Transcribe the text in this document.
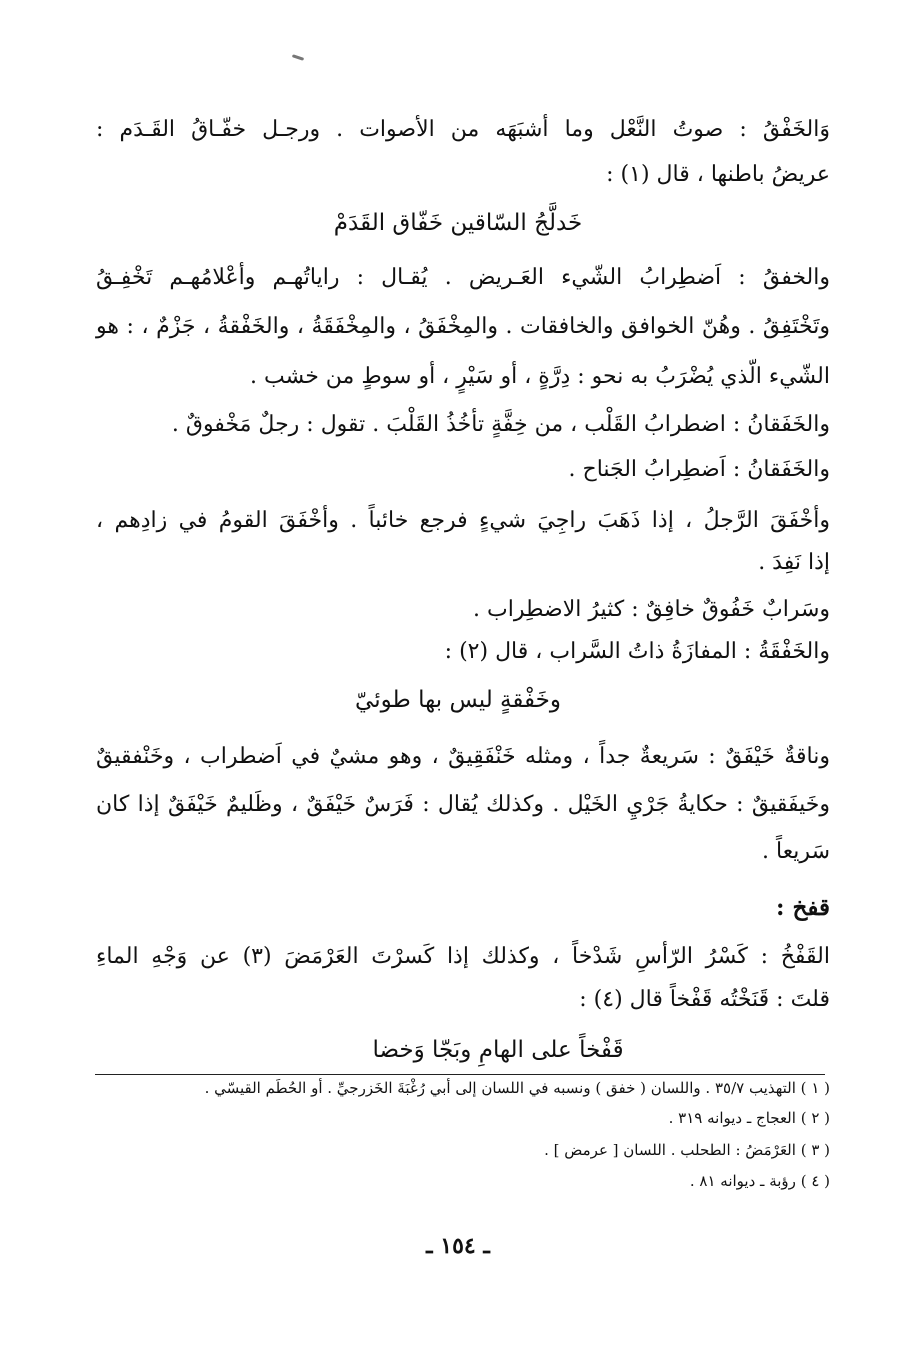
وَالخَفْقُ : صوتُ النَّعْل وما أشبَهَه من الأصوات . ورجـل خفّـاقُ القَـدَم :
عريضُ باطنها ، قال (١) :
خَدلَّجُ السّاقين خَفّاق القَدَمْ
والخفقُ : اَضطِرابُ الشّيء العَـريض . يُقـال : راياتُهـم وأعْلامُهـم تَخْفِـقُ
وتَخْتَفِقُ . وهُنّ الخوافق والخافقات . والمِخْفَقُ ، والمِخْفَقَةُ ، والخَفْقةُ ، جَزْمٌ ، : هو
الشّيء الّذي يُضْرَبُ به نحو : دِرَّةٍ ، أو سَيْرٍ ، أو سوطٍ من خشب .
والخَفَقانُ : اضطرابُ القَلْب ، من خِفَّةٍ تأخُذُ القَلْبَ . تقول : رجلٌ مَخْفوقٌ .
والخَفَقانُ : اَضطِرابُ الجَناح .
وأخْفَقَ الرَّجلُ ، إذا ذَهَبَ راجِيَ شيءٍ فرجع خائباً . وأخْفَقَ القومُ في زادِهم ،
إذا نَفِدَ .
وسَرابٌ خَفُوقٌ خافِقٌ : كثيرُ الاضطِراب .
والخَفْقَةُ : المفازَةُ ذاتُ السَّراب ، قال (٢) :
وخَفْقةٍ ليس بها طوئيّ
وناقةٌ خَيْفَقٌ : سَريعةٌ جداً ، ومثله خَنْفَقِيقٌ ، وهو مشيٌ في اَضطراب ، وخَنْفقيقٌ
وخَيفَقيقٌ : حكايةُ جَرْيِ الخَيْل . وكذلك يُقال : فَرَسٌ خَيْفَقٌ ، وظَليمٌ خَيْفَقٌ إذا كان
سَريعاً .
قفخ :
القَفْخُ : كَسْرُ الرّأسِ شَدْخاً ، وكذلك إذا كَسرْتَ العَرْمَضَ (٣) عن وَجْهِ الماءِ
قلتَ : قَنَخْتُه قَفْخاً قال (٤) :
قَفْخاً على الهامِ وبَجّا وَخضا
( ١ ) التهذيب ٣٥/٧ . واللسان ( خفق ) ونسبه في اللسان إلى أبي رُغْبَةَ الخَزرجيِّ . أو الحُطَم القيسّي .
( ٢ ) العجاج ـ ديوانه ٣١٩ .
( ٣ ) العَرْمَضُ : الطحلب . اللسان [ عرمض ] .
( ٤ ) رؤبة ـ ديوانه ٨١ .
ـ ١٥٤ ـ
